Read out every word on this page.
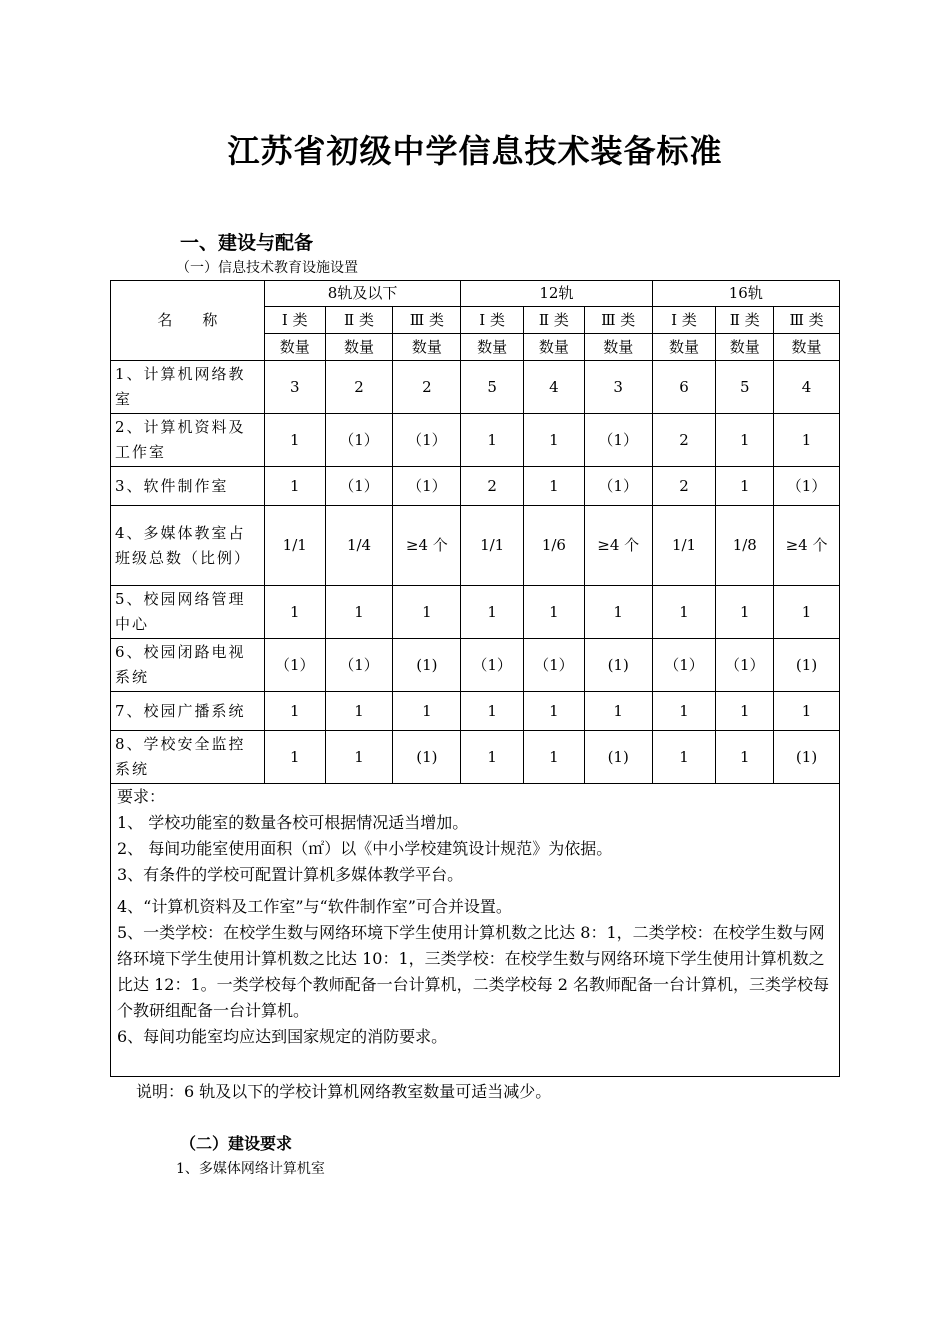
江苏省初级中学信息技术装备标准
一、建设与配备
（一）信息技术教育设施设置
名　　称	8轨及以下			12轨			16轨		
	Ⅰ 类	Ⅱ 类	Ⅲ 类	Ⅰ 类	Ⅱ 类	Ⅲ 类	Ⅰ 类	Ⅱ 类	Ⅲ 类
	数量	数量	数量	数量	数量	数量	数量	数量	数量
1、计算机网络教室	3	2	2	5	4	3	6	5	4
2、计算机资料及工作室	1	（1）	（1）	1	1	（1）	2	1	1
3、软件制作室	1	（1）	（1）	2	1	（1）	2	1	（1）
4、多媒体教室占班级总数（比例）	1/1	1/4	≥4 个	1/1	1/6	≥4 个	1/1	1/8	≥4 个
5、校园网络管理中心	1	1	1	1	1	1	1	1	1
6、校园闭路电视系统	（1）	（1）	(1)	（1）	（1）	(1)	（1）	（1）	(1)
7、校园广播系统	1	1	1	1	1	1	1	1	1
8、学校安全监控系统	1	1	(1)	1	1	(1)	1	1	(1)
要求：
1、 学校功能室的数量各校可根据情况适当增加。
2、 每间功能室使用面积（㎡）以《中小学校建筑设计规范》为依据。
3、有条件的学校可配置计算机多媒体教学平台。
4、“计算机资料及工作室”与“软件制作室”可合并设置。
5、一类学校：在校学生数与网络环境下学生使用计算机数之比达 8：1，二类学校：在校学生数与网络环境下学生使用计算机数之比达 10：1，三类学校：在校学生数与网络环境下学生使用计算机数之比达 12：1。一类学校每个教师配备一台计算机，二类学校每 2 名教师配备一台计算机，三类学校每个教研组配备一台计算机。
6、每间功能室均应达到国家规定的消防要求。
说明：6 轨及以下的学校计算机网络教室数量可适当减少。
（二）建设要求
1、多媒体网络计算机室
